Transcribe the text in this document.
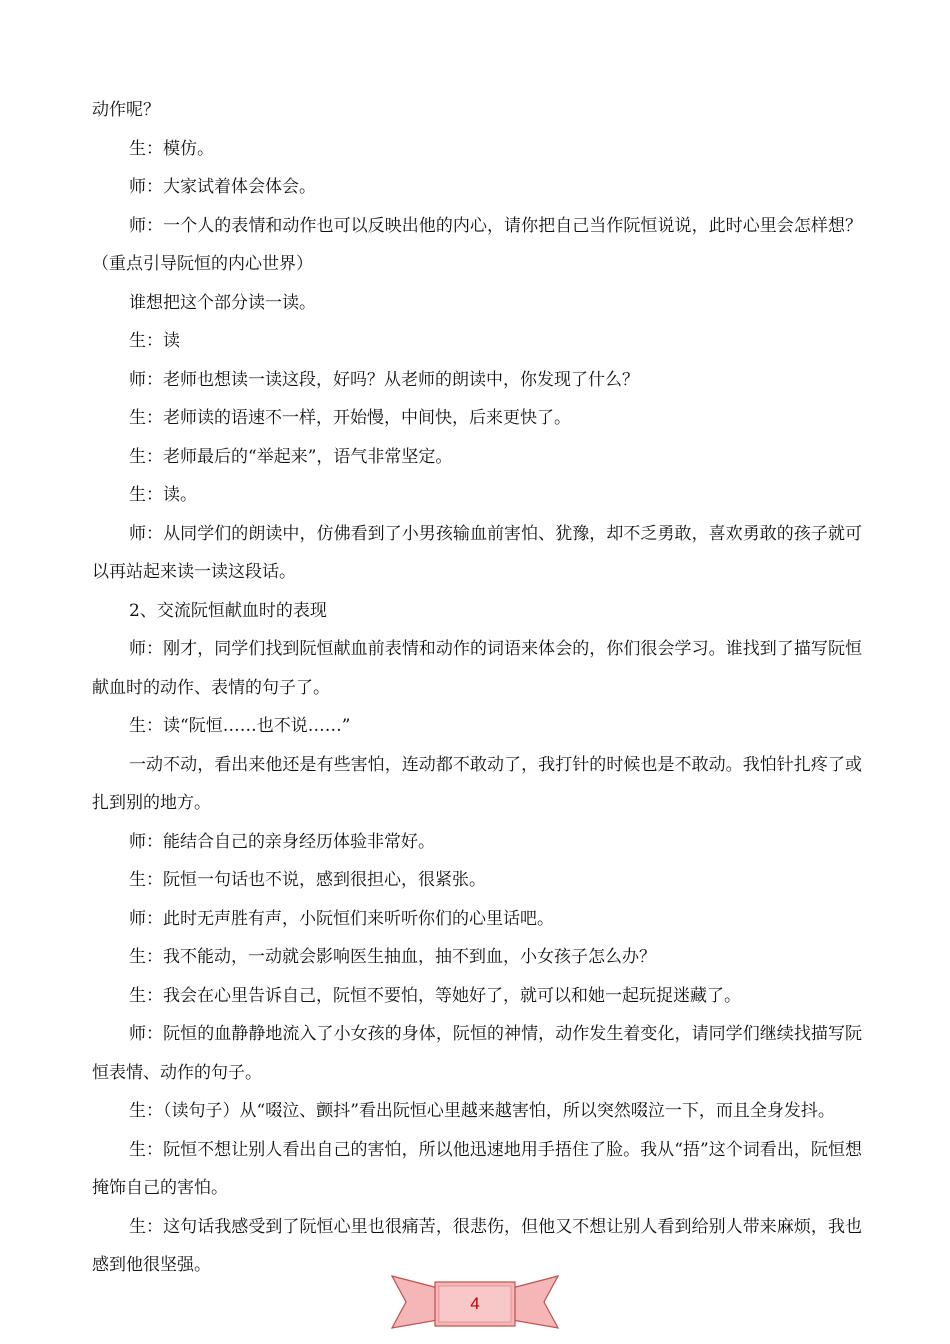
动作呢？

生：模仿。

师：大家试着体会体会。

师：一个人的表情和动作也可以反映出他的内心，请你把自己当作阮恒说说，此时心里会怎样想？（重点引导阮恒的内心世界）

谁想把这个部分读一读。

生：读

师：老师也想读一读这段，好吗？从老师的朗读中，你发现了什么？

生：老师读的语速不一样，开始慢，中间快，后来更快了。

生：老师最后的“举起来”，语气非常坚定。

生：读。

师：从同学们的朗读中，仿佛看到了小男孩输血前害怕、犹豫，却不乏勇敢，喜欢勇敢的孩子就可以再站起来读一读这段话。

2、交流阮恒献血时的表现

师：刚才，同学们找到阮恒献血前表情和动作的词语来体会的，你们很会学习。谁找到了描写阮恒献血时的动作、表情的句子了。

生：读“阮恒……也不说……”

一动不动，看出来他还是有些害怕，连动都不敢动了，我打针的时候也是不敢动。我怕针扎疼了或扎到别的地方。

师：能结合自己的亲身经历体验非常好。

生：阮恒一句话也不说，感到很担心，很紧张。

师：此时无声胜有声，小阮恒们来听听你们的心里话吧。

生：我不能动，一动就会影响医生抽血，抽不到血，小女孩子怎么办？

生：我会在心里告诉自己，阮恒不要怕，等她好了，就可以和她一起玩捉迷藏了。

师：阮恒的血静静地流入了小女孩的身体，阮恒的神情，动作发生着变化，请同学们继续找描写阮恒表情、动作的句子。

生：（读句子）从“啜泣、颤抖”看出阮恒心里越来越害怕，所以突然啜泣一下，而且全身发抖。

生：阮恒不想让别人看出自己的害怕，所以他迅速地用手捂住了脸。我从“捂”这个词看出，阮恒想掩饰自己的害怕。

生：这句话我感受到了阮恒心里也很痛苦，很悲伤，但他又不想让别人看到给别人带来麻烦，我也感到他很坚强。

4
